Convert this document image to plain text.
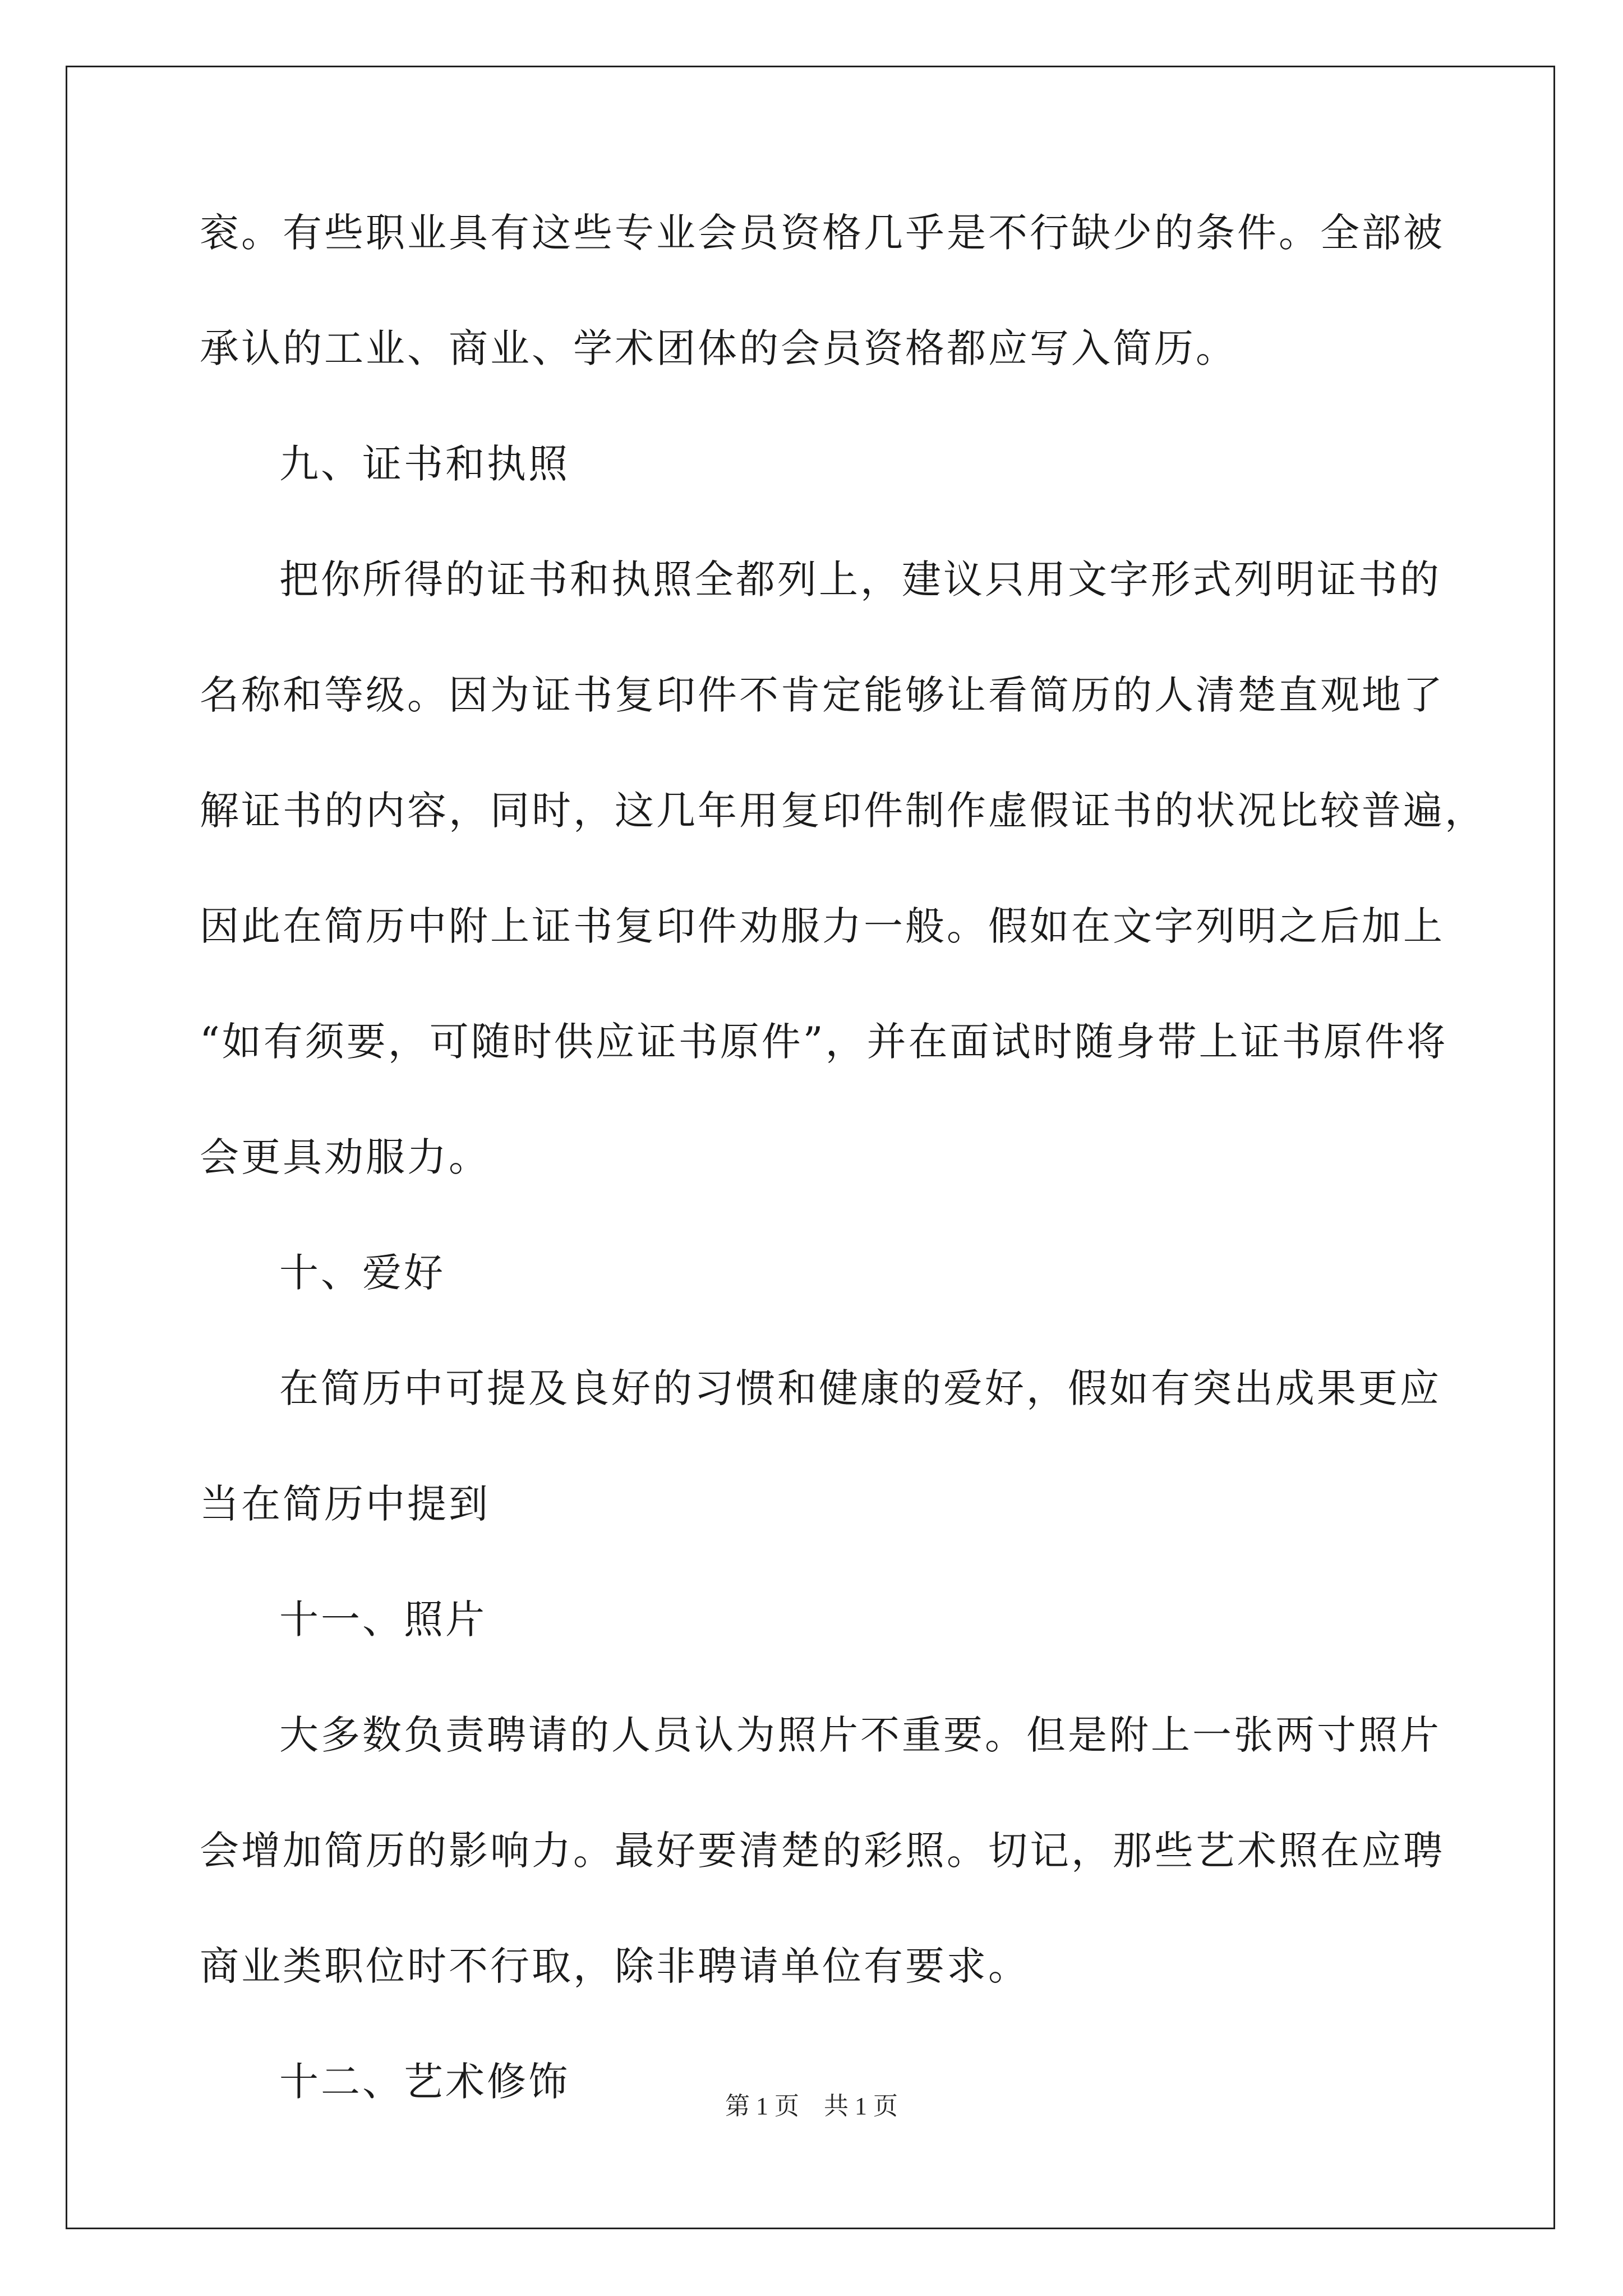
衮。有些职业具有这些专业会员资格几乎是不行缺少的条件。全部被
承认的工业、商业、学术团体的会员资格都应写入简历。
九、证书和执照
把你所得的证书和执照全都列上，建议只用文字形式列明证书的
名称和等级。因为证书复印件不肯定能够让看简历的人清楚直观地了
解证书的内容，同时，这几年用复印件制作虚假证书的状况比较普遍，
因此在简历中附上证书复印件劝服力一般。假如在文字列明之后加上
“如有须要，可随时供应证书原件”，并在面试时随身带上证书原件将
会更具劝服力。
十、爱好
在简历中可提及良好的习惯和健康的爱好，假如有突出成果更应
当在简历中提到
十一、照片
大多数负责聘请的人员认为照片不重要。但是附上一张两寸照片
会增加简历的影响力。最好要清楚的彩照。切记，那些艺术照在应聘
商业类职位时不行取，除非聘请单位有要求。
十二、艺术修饰
第 1 页    共 1 页
